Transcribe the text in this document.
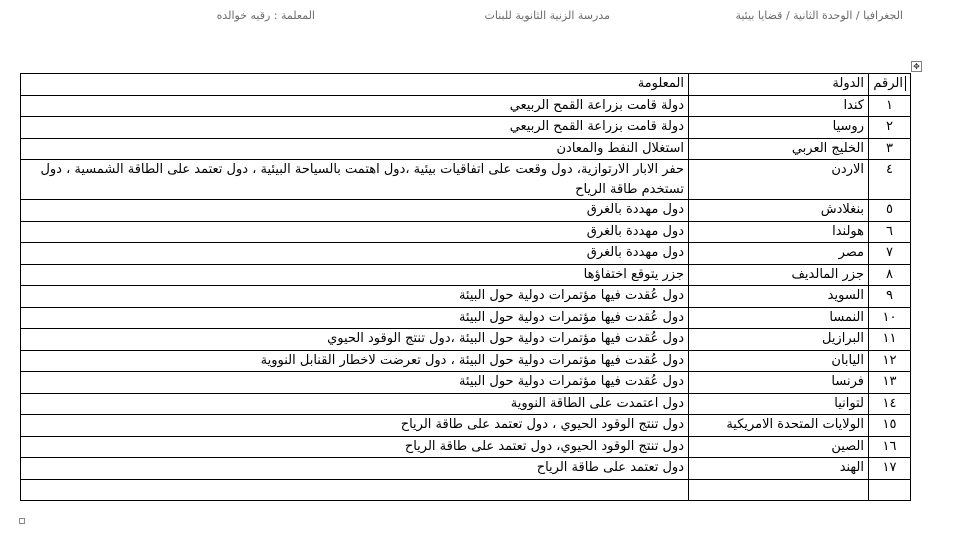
الجغرافيا / الوحدة الثانية / قضايا بيئية
مدرسة الزنية الثانوية للبنات
المعلمة : رقيه خوالده
✥
الرقم	الدولة	المعلومة
١	كندا	دولة قامت بزراعة القمح الربيعي
٢	روسيا	دولة قامت بزراعة القمح الربيعي
٣	الخليج العربي	استغلال النفط والمعادن
٤	الاردن	حفر الابار الارتوازية، دول وقعت على اتفاقيات بيئية ،دول اهتمت بالسياحة البيئية ، دول تعتمد على الطاقة الشمسية ، دول تستخدم طاقة الرياح
٥	بنغلادش	دول مهددة بالغرق
٦	هولندا	دول مهددة بالغرق
٧	مصر	دول مهددة بالغرق
٨	جزر المالديف	جزر يتوقع اختفاؤها
٩	السويد	دول عُقدت فيها مؤتمرات دولية حول البيئة
١٠	النمسا	دول عُقدت فيها مؤتمرات دولية حول البيئة
١١	البرازيل	دول عُقدت فيها مؤتمرات دولية حول البيئة ،دول تنتج الوقود الحيوي
١٢	اليابان	دول عُقدت فيها مؤتمرات دولية حول البيئة ، دول تعرضت لاخطار القنابل النووية
١٣	فرنسا	دول عُقدت فيها مؤتمرات دولية حول البيئة
١٤	لتوانيا	دول اعتمدت على الطاقة النووية
١٥	الولايات المتحدة الامريكية	دول تنتج الوقود الحيوي ، دول تعتمد على طاقة الرياح
١٦	الصين	دول تنتج الوقود الحيوي، دول تعتمد على طاقة الرياح
١٧	الهند	دول تعتمد على طاقة الرياح
